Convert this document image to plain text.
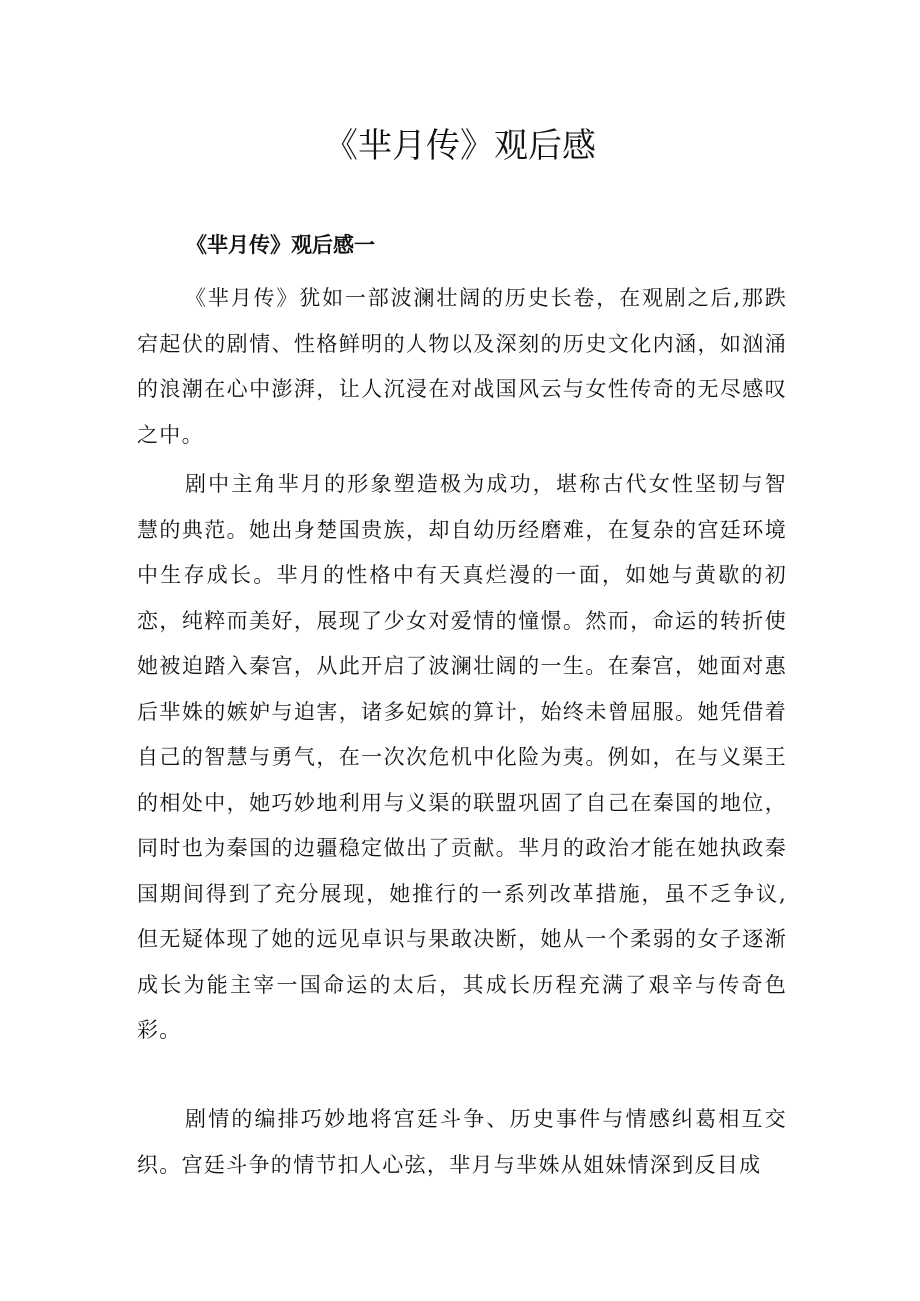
《芈月传》观后感
《芈月传》观后感一

《芈月传》犹如一部波澜壮阔的历史长卷，在观剧之后,那跌宕起伏的剧情、性格鲜明的人物以及深刻的历史文化内涵，如汹涌的浪潮在心中澎湃，让人沉浸在对战国风云与女性传奇的无尽感叹之中。

剧中主角芈月的形象塑造极为成功，堪称古代女性坚韧与智慧的典范。她出身楚国贵族，却自幼历经磨难，在复杂的宫廷环境中生存成长。芈月的性格中有天真烂漫的一面，如她与黄歇的初恋，纯粹而美好，展现了少女对爱情的憧憬。然而，命运的转折使她被迫踏入秦宫，从此开启了波澜壮阔的一生。在秦宫，她面对惠后芈姝的嫉妒与迫害，诸多妃嫔的算计，始终未曾屈服。她凭借着自己的智慧与勇气，在一次次危机中化险为夷。例如，在与义渠王的相处中，她巧妙地利用与义渠的联盟巩固了自己在秦国的地位，同时也为秦国的边疆稳定做出了贡献。芈月的政治才能在她执政秦国期间得到了充分展现，她推行的一系列改革措施，虽不乏争议,但无疑体现了她的远见卓识与果敢决断，她从一个柔弱的女子逐渐成长为能主宰一国命运的太后，其成长历程充满了艰辛与传奇色彩。

剧情的编排巧妙地将宫廷斗争、历史事件与情感纠葛相互交织。宫廷斗争的情节扣人心弦，芈月与芈姝从姐妹情深到反目成
